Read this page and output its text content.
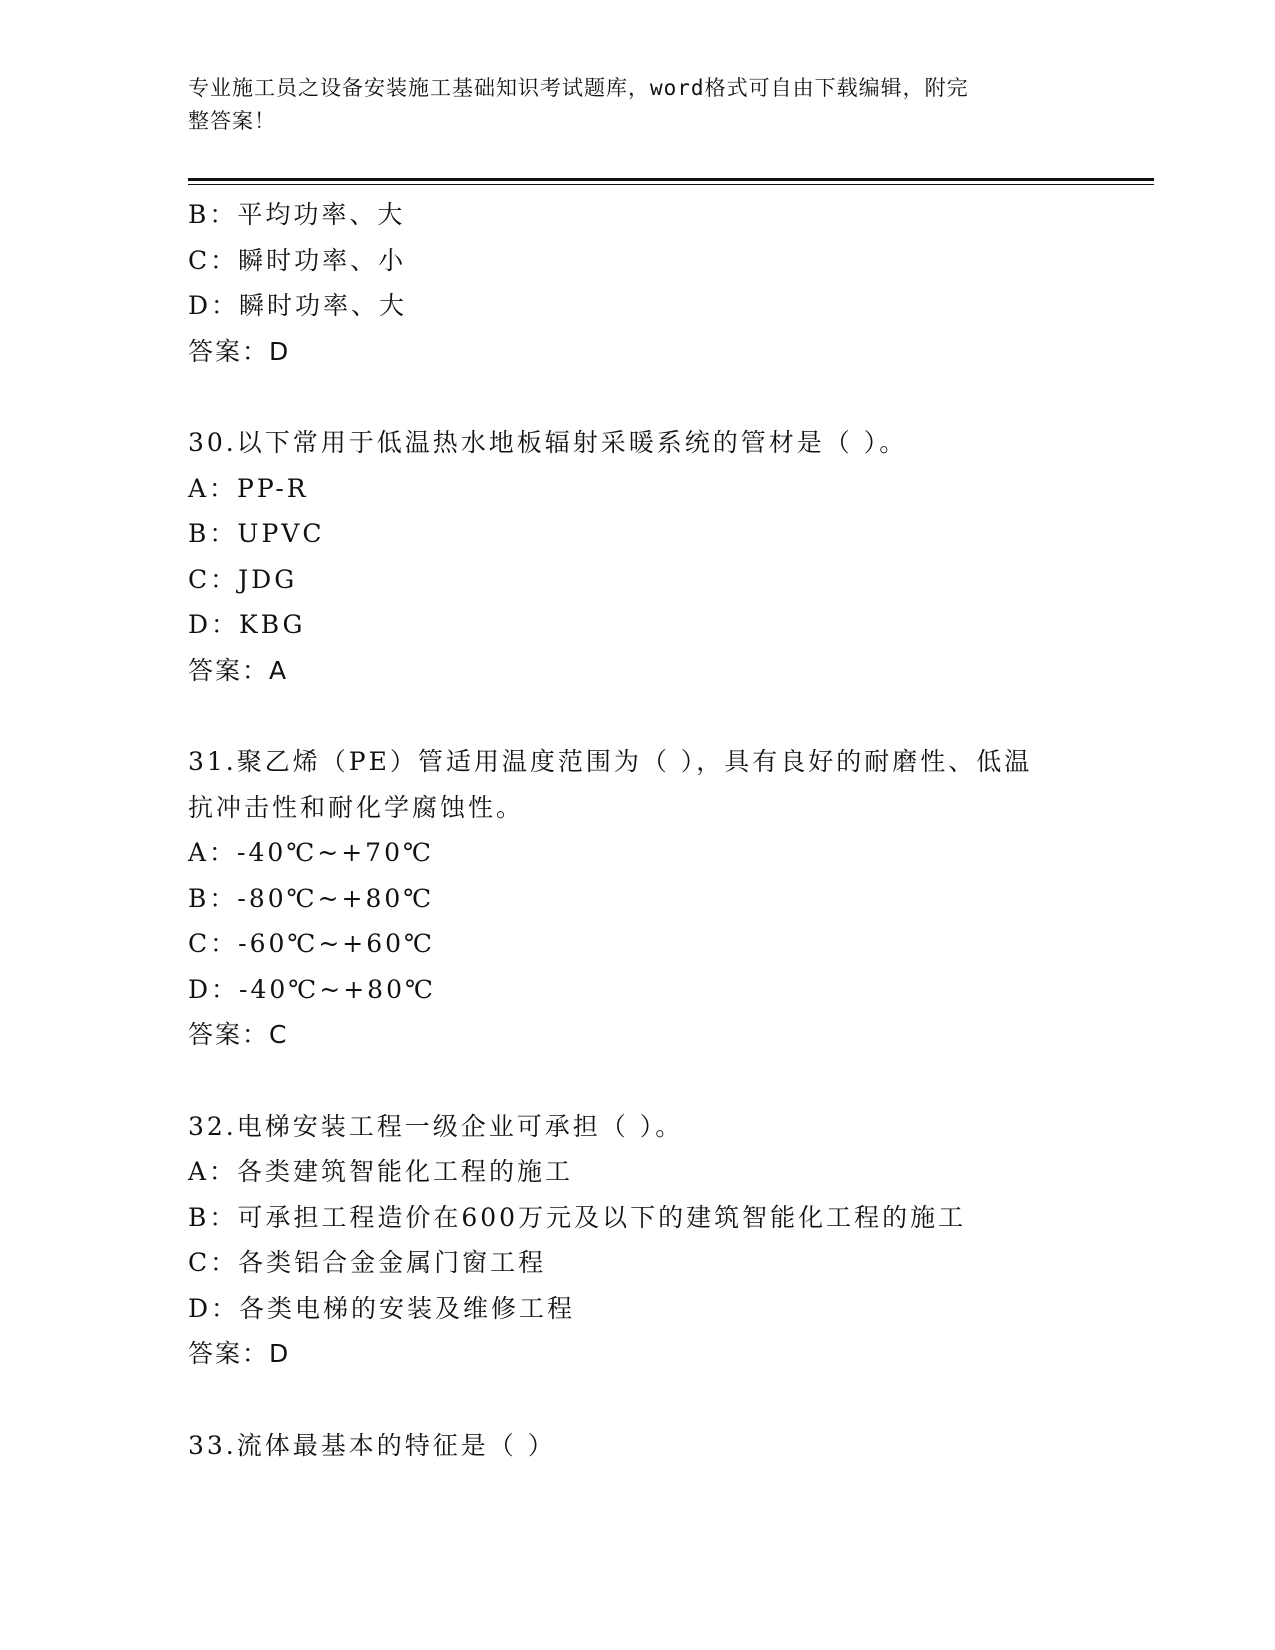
专业施工员之设备安装施工基础知识考试题库，word格式可自由下载编辑，附完
整答案！
B：平均功率、大
C：瞬时功率、小
D：瞬时功率、大
答案：D
30.以下常用于低温热水地板辐射采暖系统的管材是（ ）。
A：PP-R
B：UPVC
C：JDG
D：KBG
答案：A
31.聚乙烯（PE）管适用温度范围为（ ），具有良好的耐磨性、低温
抗冲击性和耐化学腐蚀性。
A：-40℃~+70℃
B：-80℃~+80℃
C：-60℃~+60℃
D：-40℃~+80℃
答案：C
32.电梯安装工程一级企业可承担（ ）。
A：各类建筑智能化工程的施工
B：可承担工程造价在600万元及以下的建筑智能化工程的施工
C：各类铝合金金属门窗工程
D：各类电梯的安装及维修工程
答案：D
33.流体最基本的特征是（ ）
